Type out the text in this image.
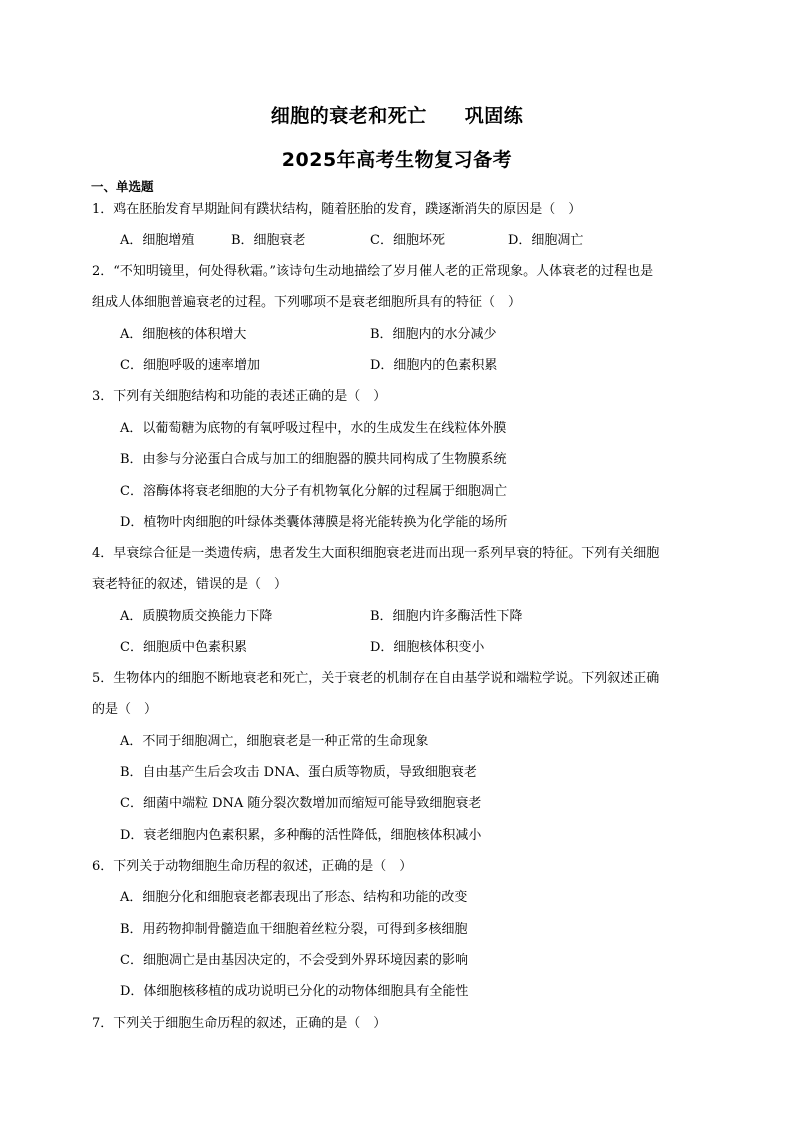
细胞的衰老和死亡 巩固练
2025年高考生物复习备考
一、单选题
1．鸡在胚胎发育早期趾间有蹼状结构，随着胚胎的发育，蹼逐渐消失的原因是（　）
A．细胞增殖	B．细胞衰老	C．细胞坏死	D．细胞凋亡
2．“不知明镜里，何处得秋霜。”该诗句生动地描绘了岁月催人老的正常现象。人体衰老的过程也是
组成人体细胞普遍衰老的过程。下列哪项不是衰老细胞所具有的特征（　）
A．细胞核的体积增大	B．细胞内的水分减少
C．细胞呼吸的速率增加	D．细胞内的色素积累
3．下列有关细胞结构和功能的表述正确的是（　）
A．以葡萄糖为底物的有氧呼吸过程中，水的生成发生在线粒体外膜
B．由参与分泌蛋白合成与加工的细胞器的膜共同构成了生物膜系统
C．溶酶体将衰老细胞的大分子有机物氧化分解的过程属于细胞凋亡
D．植物叶肉细胞的叶绿体类囊体薄膜是将光能转换为化学能的场所
4．早衰综合征是一类遗传病，患者发生大面积细胞衰老进而出现一系列早衰的特征。下列有关细胞
衰老特征的叙述，错误的是（　）
A．质膜物质交换能力下降	B．细胞内许多酶活性下降
C．细胞质中色素积累	D．细胞核体积变小
5．生物体内的细胞不断地衰老和死亡，关于衰老的机制存在自由基学说和端粒学说。下列叙述正确
的是（　）
A．不同于细胞凋亡，细胞衰老是一种正常的生命现象
B．自由基产生后会攻击 DNA、蛋白质等物质，导致细胞衰老
C．细菌中端粒 DNA 随分裂次数增加而缩短可能导致细胞衰老
D．衰老细胞内色素积累，多种酶的活性降低，细胞核体积减小
6．下列关于动物细胞生命历程的叙述，正确的是（　）
A．细胞分化和细胞衰老都表现出了形态、结构和功能的改变
B．用药物抑制骨髓造血干细胞着丝粒分裂，可得到多核细胞
C．细胞凋亡是由基因决定的，不会受到外界环境因素的影响
D．体细胞核移植的成功说明已分化的动物体细胞具有全能性
7．下列关于细胞生命历程的叙述，正确的是（　）
